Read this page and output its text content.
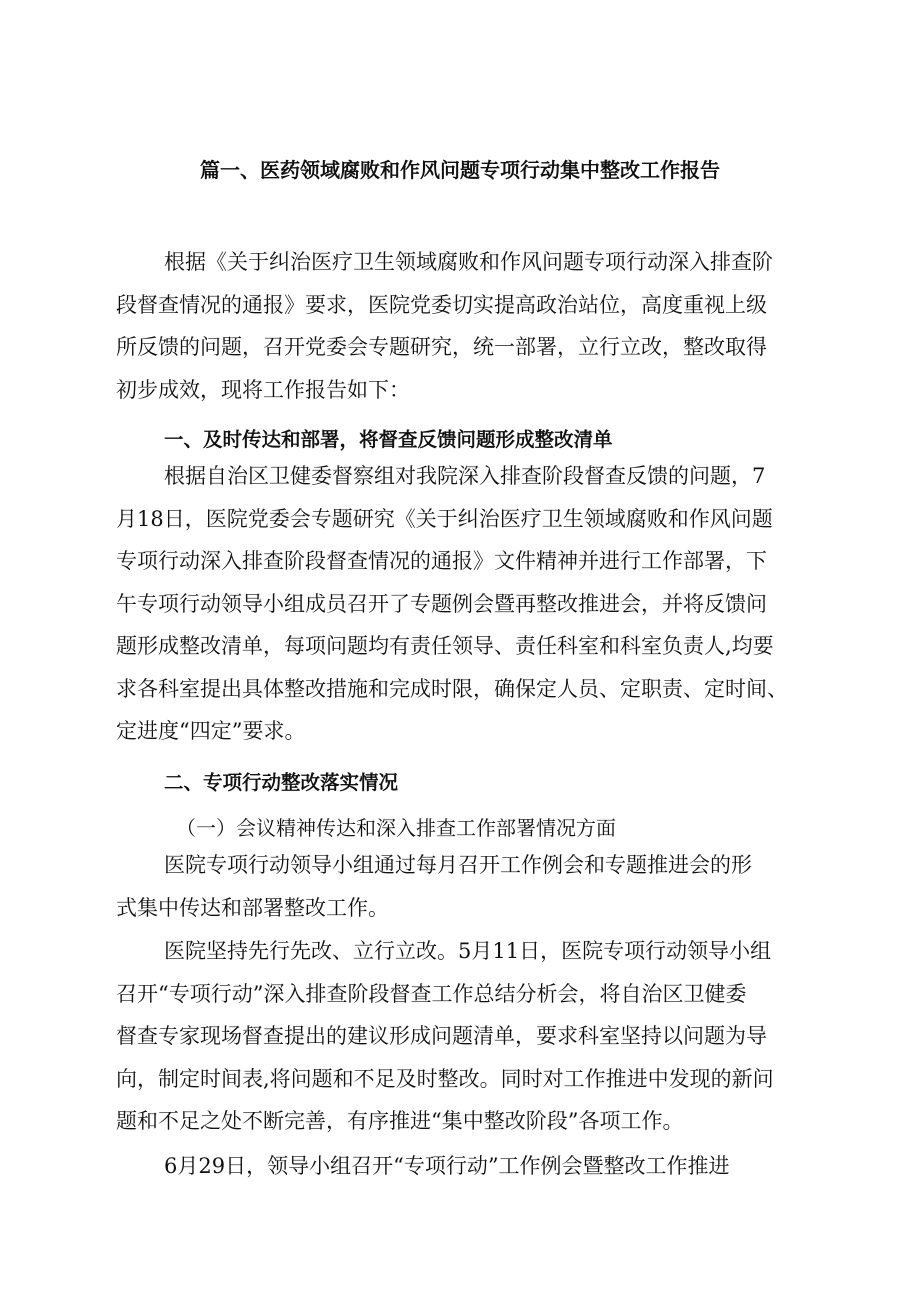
篇一、医药领域腐败和作风问题专项行动集中整改工作报告
根据《关于纠治医疗卫生领域腐败和作风问题专项行动深入排查阶
段督查情况的通报》要求，医院党委切实提高政治站位，高度重视上级
所反馈的问题，召开党委会专题研究，统一部署，立行立改，整改取得
初步成效，现将工作报告如下：
一、及时传达和部署，将督查反馈问题形成整改清单
根据自治区卫健委督察组对我院深入排查阶段督查反馈的问题，7
月18日，医院党委会专题研究《关于纠治医疗卫生领域腐败和作风问题
专项行动深入排查阶段督查情况的通报》文件精神并进行工作部署，下
午专项行动领导小组成员召开了专题例会暨再整改推进会，并将反馈问
题形成整改清单，每项问题均有责任领导、责任科室和科室负责人,均要
求各科室提出具体整改措施和完成时限，确保定人员、定职责、定时间、
定进度“四定”要求。
二、专项行动整改落实情况
（一）会议精神传达和深入排查工作部署情况方面
医院专项行动领导小组通过每月召开工作例会和专题推进会的形
式集中传达和部署整改工作。
医院坚持先行先改、立行立改。5月11日，医院专项行动领导小组
召开“专项行动”深入排查阶段督查工作总结分析会，将自治区卫健委
督查专家现场督查提出的建议形成问题清单，要求科室坚持以问题为导
向，制定时间表,将问题和不足及时整改。同时对工作推进中发现的新问
题和不足之处不断完善，有序推进“集中整改阶段”各项工作。
6月29日，领导小组召开“专项行动”工作例会暨整改工作推进
